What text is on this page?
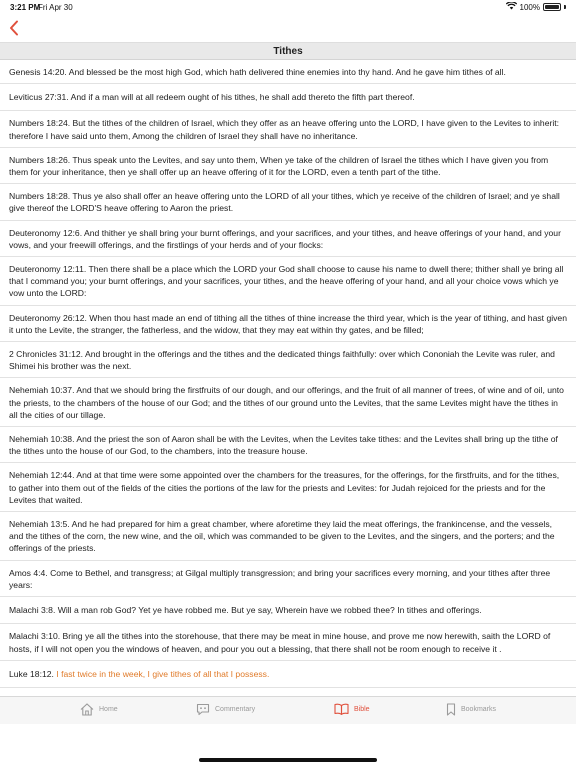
3:21 PM
Fri Apr 30	100%
Tithes
Genesis 14:20. And blessed be the most high God, which hath delivered thine enemies into thy hand. And he gave him tithes of all.
Leviticus 27:31. And if a man will at all redeem ought of his tithes, he shall add thereto the fifth part thereof.
Numbers 18:24. But the tithes of the children of Israel, which they offer as an heave offering unto the LORD, I have given to the Levites to inherit: therefore I have said unto them, Among the children of Israel they shall have no inheritance.
Numbers 18:26. Thus speak unto the Levites, and say unto them, When ye take of the children of Israel the tithes which I have given you from them for your inheritance, then ye shall offer up an heave offering of it for the LORD, even a tenth part of the tithe.
Numbers 18:28. Thus ye also shall offer an heave offering unto the LORD of all your tithes, which ye receive of the children of Israel; and ye shall give thereof the LORD'S heave offering to Aaron the priest.
Deuteronomy 12:6. And thither ye shall bring your burnt offerings, and your sacrifices, and your tithes, and heave offerings of your hand, and your vows, and your freewill offerings, and the firstlings of your herds and of your flocks:
Deuteronomy 12:11. Then there shall be a place which the LORD your God shall choose to cause his name to dwell there; thither shall ye bring all that I command you; your burnt offerings, and your sacrifices, your tithes, and the heave offering of your hand, and all your choice vows which ye vow unto the LORD:
Deuteronomy 26:12. When thou hast made an end of tithing all the tithes of thine increase the third year, which is the year of tithing, and hast given it unto the Levite, the stranger, the fatherless, and the widow, that they may eat within thy gates, and be filled;
2 Chronicles 31:12. And brought in the offerings and the tithes and the dedicated things faithfully: over which Cononiah the Levite was ruler, and Shimei his brother was the next.
Nehemiah 10:37. And that we should bring the firstfruits of our dough, and our offerings, and the fruit of all manner of trees, of wine and of oil, unto the priests, to the chambers of the house of our God; and the tithes of our ground unto the Levites, that the same Levites might have the tithes in all the cities of our tillage.
Nehemiah 10:38. And the priest the son of Aaron shall be with the Levites, when the Levites take tithes: and the Levites shall bring up the tithe of the tithes unto the house of our God, to the chambers, into the treasure house.
Nehemiah 12:44. And at that time were some appointed over the chambers for the treasures, for the offerings, for the firstfruits, and for the tithes, to gather into them out of the fields of the cities the portions of the law for the priests and Levites: for Judah rejoiced for the priests and for the Levites that waited.
Nehemiah 13:5. And he had prepared for him a great chamber, where aforetime they laid the meat offerings, the frankincense, and the vessels, and the tithes of the corn, the new wine, and the oil, which was commanded to be given to the Levites, and the singers, and the porters; and the offerings of the priests.
Amos 4:4. Come to Bethel, and transgress; at Gilgal multiply transgression; and bring your sacrifices every morning, and your tithes after three years:
Malachi 3:8. Will a man rob God? Yet ye have robbed me. But ye say, Wherein have we robbed thee? In tithes and offerings.
Malachi 3:10. Bring ye all the tithes into the storehouse, that there may be meat in mine house, and prove me now herewith, saith the LORD of hosts, if I will not open you the windows of heaven, and pour you out a blessing, that there shall not be room enough to receive it .
Luke 18:12. I fast twice in the week, I give tithes of all that I possess.
Home	Commentary	Bible	Bookmarks
